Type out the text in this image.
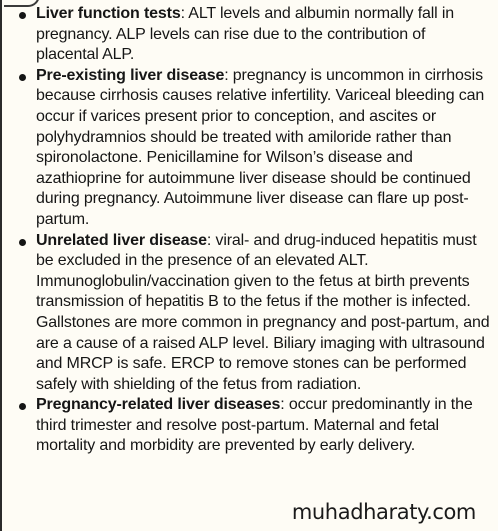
Liver function tests: ALT levels and albumin normally fall in pregnancy. ALP levels can rise due to the contribution of placental ALP.
Pre-existing liver disease: pregnancy is uncommon in cirrhosis because cirrhosis causes relative infertility. Variceal bleeding can occur if varices present prior to conception, and ascites or polyhydramnios should be treated with amiloride rather than spironolactone. Penicillamine for Wilson’s disease and azathioprine for autoimmune liver disease should be continued during pregnancy. Autoimmune liver disease can flare up post-partum.
Unrelated liver disease: viral- and drug-induced hepatitis must be excluded in the presence of an elevated ALT. Immunoglobulin/vaccination given to the fetus at birth prevents transmission of hepatitis B to the fetus if the mother is infected. Gallstones are more common in pregnancy and post-partum, and are a cause of a raised ALP level. Biliary imaging with ultrasound and MRCP is safe. ERCP to remove stones can be performed safely with shielding of the fetus from radiation.
Pregnancy-related liver diseases: occur predominantly in the third trimester and resolve post-partum. Maternal and fetal mortality and morbidity are prevented by early delivery.
muhadharaty.com
